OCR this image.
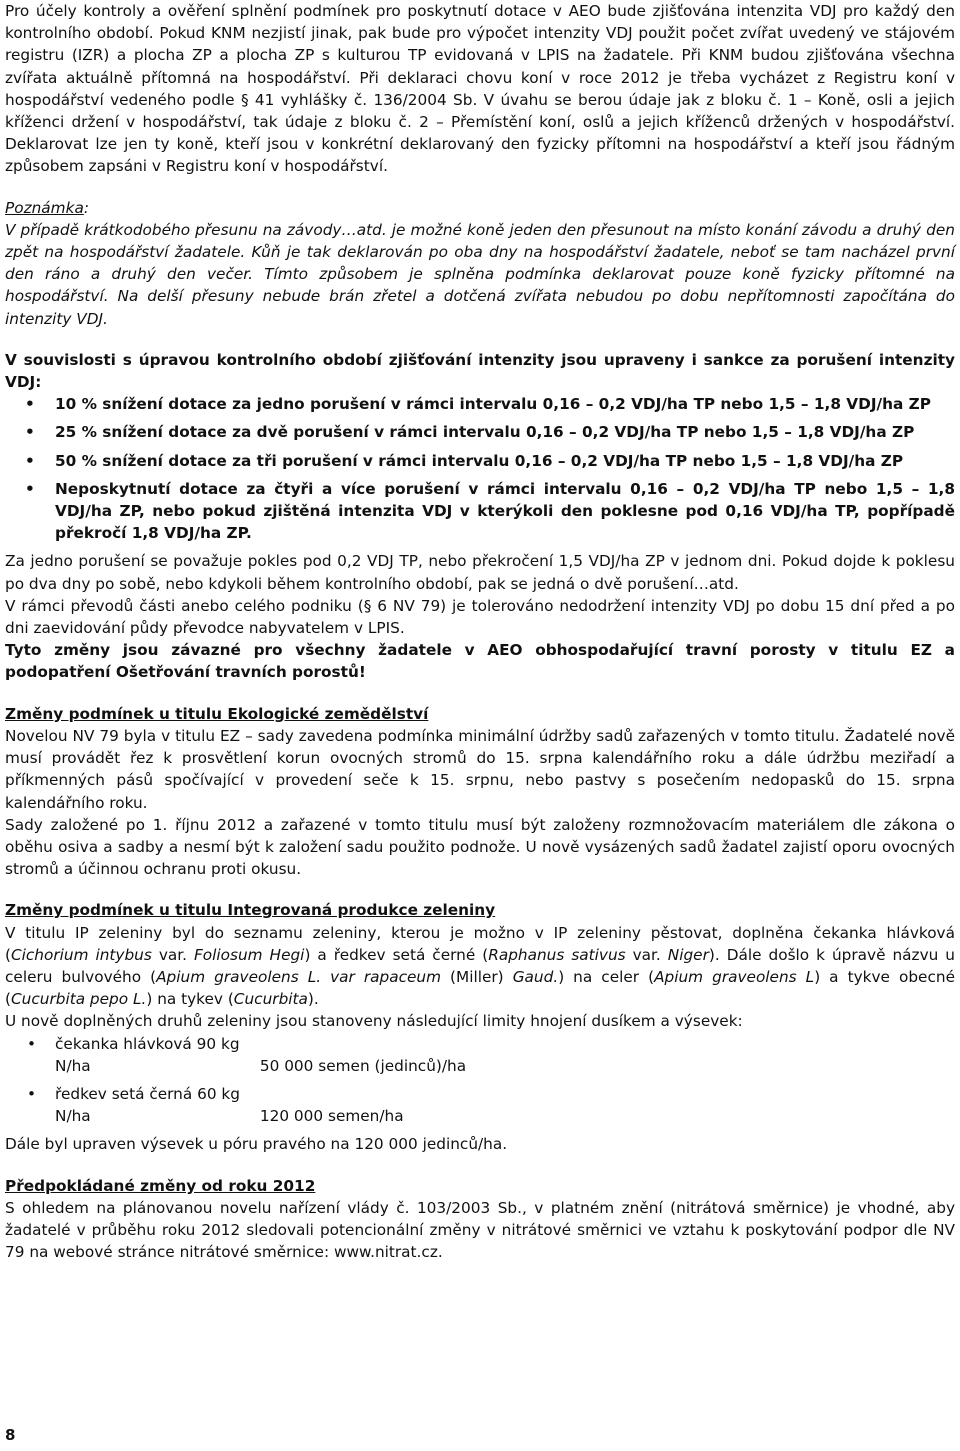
Pro účely kontroly a ověření splnění podmínek pro poskytnutí dotace v AEO bude zjišťována intenzita VDJ pro každý den kontrolního období. Pokud KNM nezjistí jinak, pak bude pro výpočet intenzity VDJ použit počet zvířat uvedený ve stájovém registru (IZR) a plocha ZP a plocha ZP s kulturou TP evidovaná v LPIS na žadatele. Při KNM budou zjišťována všechna zvířata aktuálně přítomná na hospodářství. Při deklaraci chovu koní v roce 2012 je třeba vycházet z Registru koní v hospodářství vedeného podle § 41 vyhlášky č. 136/2004 Sb. V úvahu se berou údaje jak z bloku č. 1 – Koně, osli a jejich kříženci držení v hospodářství, tak údaje z bloku č. 2 – Přemístění koní, oslů a jejich kříženců držených v hospodářství. Deklarovat lze jen ty koně, kteří jsou v konkrétní deklarovaný den fyzicky přítomni na hospodářství a kteří jsou řádným způsobem zapsáni v Registru koní v hospodářství.

Poznámka:

V případě krátkodobého přesunu na závody…atd. je možné koně jeden den přesunout na místo konání závodu a druhý den zpět na hospodářství žadatele. Kůň je tak deklarován po oba dny na hospodářství žadatele, neboť se tam nacházel první den ráno a druhý den večer. Tímto způsobem je splněna podmínka deklarovat pouze koně fyzicky přítomné na hospodářství. Na delší přesuny nebude brán zřetel a dotčená zvířata nebudou po dobu nepřítomnosti započítána do intenzity VDJ.

V souvislosti s úpravou kontrolního období zjišťování intenzity jsou upraveny i sankce za porušení intenzity VDJ:

• 10 % snížení dotace za jedno porušení v rámci intervalu 0,16 – 0,2 VDJ/ha TP nebo 1,5 – 1,8 VDJ/ha ZP
• 25 % snížení dotace za dvě porušení v rámci intervalu 0,16 – 0,2 VDJ/ha TP nebo 1,5 – 1,8 VDJ/ha ZP
• 50 % snížení dotace za tři porušení v rámci intervalu 0,16 – 0,2 VDJ/ha TP nebo 1,5 – 1,8 VDJ/ha ZP
• Neposkytnutí dotace za čtyři a více porušení v rámci intervalu 0,16 – 0,2 VDJ/ha TP nebo 1,5 – 1,8 VDJ/ha ZP, nebo pokud zjištěná intenzita VDJ v kterýkoli den poklesne pod 0,16 VDJ/ha TP, popřípadě překročí 1,8 VDJ/ha ZP.

Za jedno porušení se považuje pokles pod 0,2 VDJ TP, nebo překročení 1,5 VDJ/ha ZP v jednom dni. Pokud dojde k poklesu po dva dny po sobě, nebo kdykoli během kontrolního období, pak se jedná o dvě porušení…atd.

V rámci převodů části anebo celého podniku (§ 6 NV 79) je tolerováno nedodržení intenzity VDJ po dobu 15 dní před a po dni zaevidování půdy převodce nabyvatelem v LPIS.

Tyto změny jsou závazné pro všechny žadatele v AEO obhospodařující travní porosty v titulu EZ a podopatření Ošetřování travních porostů!

Změny podmínek u titulu Ekologické zemědělství

Novelou NV 79 byla v titulu EZ – sady zavedena podmínka minimální údržby sadů zařazených v tomto titulu. Žadatelé nově musí provádět řez k prosvětlení korun ovocných stromů do 15. srpna kalendářního roku a dále údržbu meziřadí a příkmenných pásů spočívající v provedení seče k 15. srpnu, nebo pastvy s posečením nedopasků do 15. srpna kalendářního roku.

Sady založené po 1. říjnu 2012 a zařazené v tomto titulu musí být založeny rozmnožovacím materiálem dle zákona o oběhu osiva a sadby a nesmí být k založení sadu použito podnože. U nově vysázených sadů žadatel zajistí oporu ovocných stromů a účinnou ochranu proti okusu.

Změny podmínek u titulu Integrovaná produkce zeleniny

V titulu IP zeleniny byl do seznamu zeleniny, kterou je možno v IP zeleniny pěstovat, doplněna čekanka hlávková (Cichorium intybus var. Foliosum Hegi) a ředkev setá černé (Raphanus sativus var. Niger). Dále došlo k úpravě názvu u celeru bulvového (Apium graveolens L. var rapaceum (Miller) Gaud.) na celer (Apium graveolens L) a tykve obecné (Cucurbita pepo L.) na tykev (Cucurbita).

U nově doplněných druhů zeleniny jsou stanoveny následující limity hnojení dusíkem a výsevek:

• čekanka hlávková 90 kg N/ha	50 000 semen (jedinců)/ha
• ředkev setá černá 60 kg N/ha	120 000 semen/ha

Dále byl upraven výsevek u póru pravého na 120 000 jedinců/ha.

Předpokládané změny od roku 2012

S ohledem na plánovanou novelu nařízení vlády č. 103/2003 Sb., v platném znění (nitrátová směrnice) je vhodné, aby žadatelé v průběhu roku 2012 sledovali potencionální změny v nitrátové směrnici ve vztahu k poskytování podpor dle NV 79 na webové stránce nitrátové směrnice: www.nitrat.cz.

8
